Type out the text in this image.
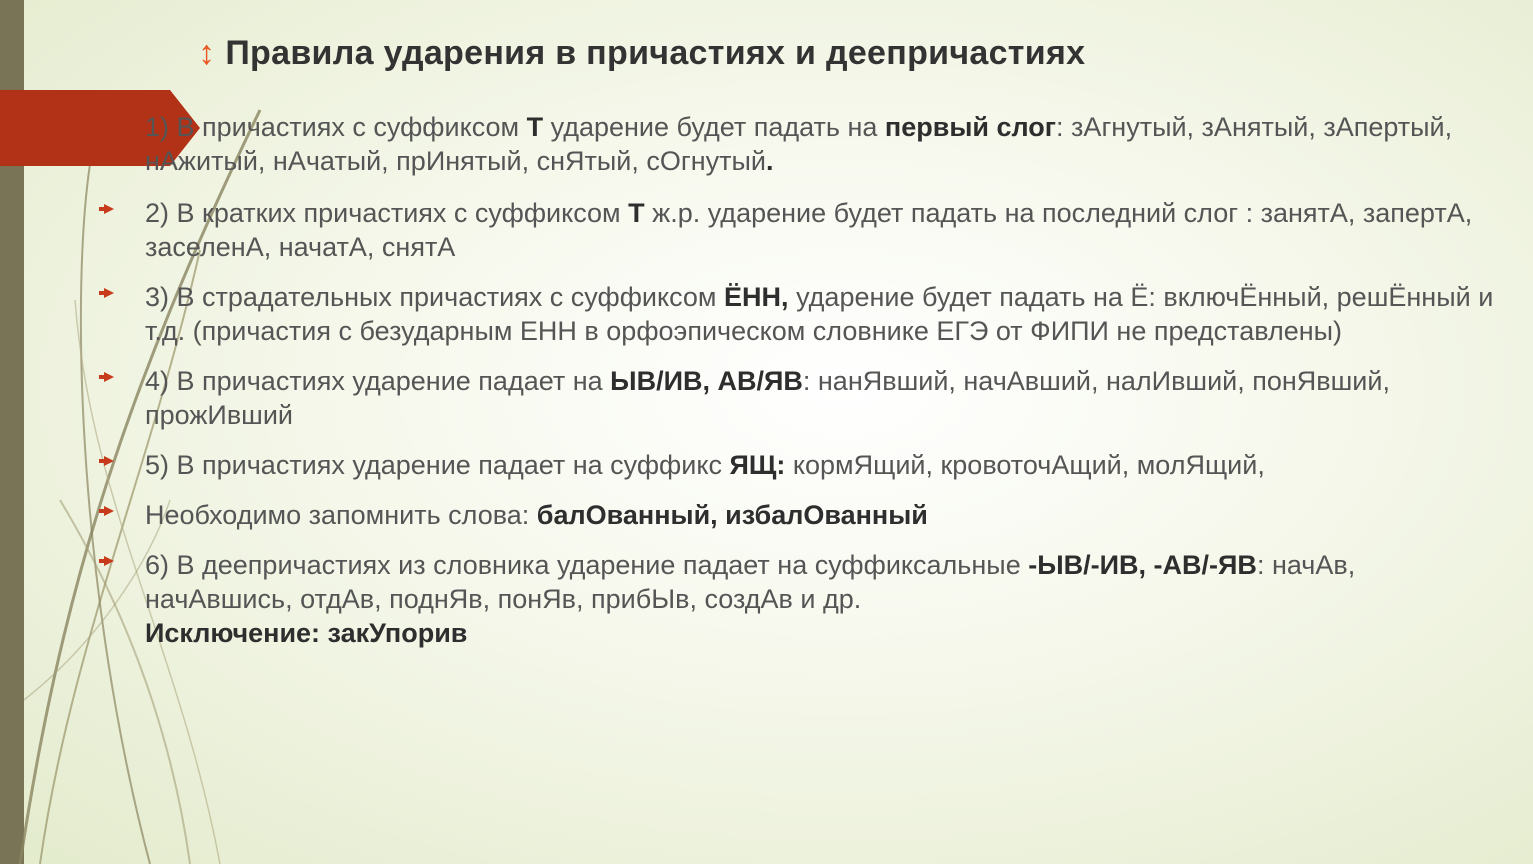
↕ Правила ударения в причастиях и деепричастиях
1) В причастиях с суффиксом Т ударение будет падать на первый слог: зАгнутый, зАнятый, зАпертый, нАжитый, нАчатый, прИнятый, снЯтый, сОгнутый.
2) В кратких причастиях с суффиксом Т ж.р. ударение будет падать на последний слог : занятА, запертА, заселенА, начатА, снятА
3) В страдательных причастиях с суффиксом ЁНН, ударение будет падать на Ё: включЁнный, решЁнный и т.д. (причастия с безударным ЕНН в орфоэпическом словнике ЕГЭ от ФИПИ не представлены)
4) В причастиях ударение падает на ЫВ/ИВ, АВ/ЯВ: нанЯвший, начАвший, налИвший, понЯвший, прожИвший
5) В причастиях ударение падает на суффикс ЯЩ: кормЯщий, кровоточАщий, молЯщий,
Необходимо запомнить слова: балОванный, избалОванный
6) В деепричастиях из словника ударение падает на суффиксальные -ЫВ/-ИВ, -АВ/-ЯВ: начАв, начАвшись, отдАв, поднЯв, понЯв, прибЫв, создАв и др.
Исключение: закУпорив
